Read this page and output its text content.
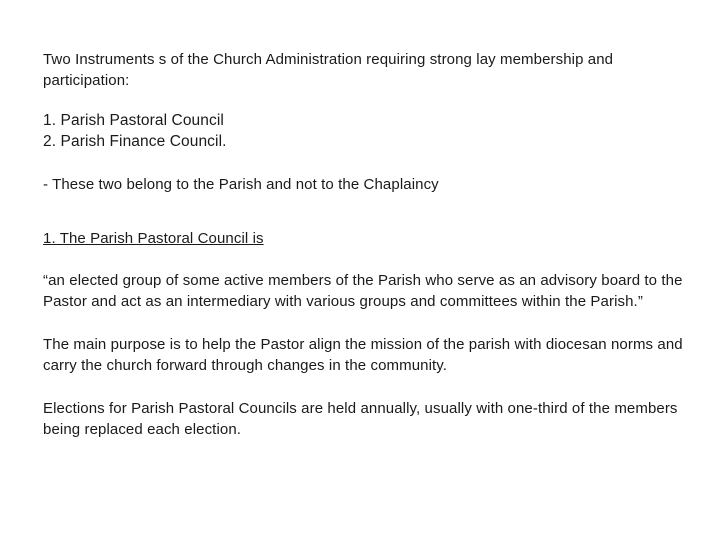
Two Instruments s of the Church Administration requiring strong lay membership and participation:

1. Parish Pastoral Council

2. Parish Finance Council.

- These two belong to the Parish and not to the Chaplaincy

1. The Parish Pastoral Council is

“an elected group of some active members of the Parish who serve as an advisory board to the Pastor and act as an intermediary with various groups and committees within the Parish.”

The main purpose is to help the Pastor align the mission of the parish with diocesan norms and carry the church forward through changes in the community.

Elections for Parish Pastoral Councils are held annually, usually with one-third of the members being replaced each election.
